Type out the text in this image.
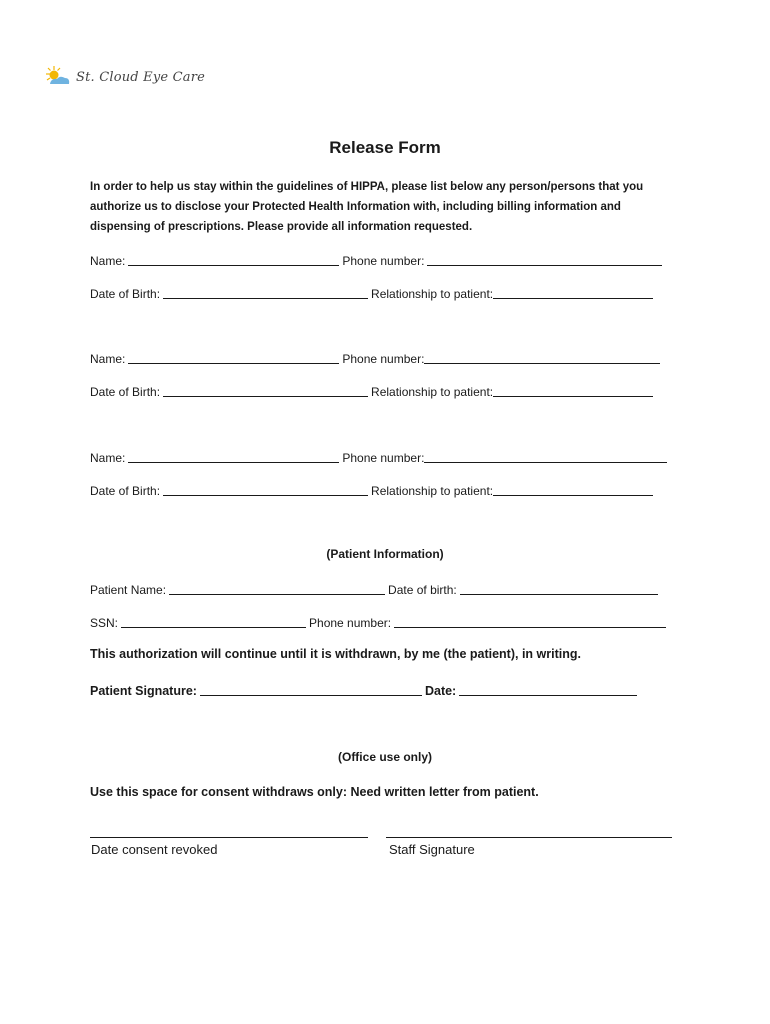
St. Cloud Eye Care
Release Form
In order to help us stay within the guidelines of HIPPA, please list below any person/persons that you
authorize us to disclose your Protected Health Information with, including billing information and
dispensing of prescriptions. Please provide all information requested.
Name:	Phone number:
Date of Birth:	Relationship to patient:
Name:	Phone number:
Date of Birth:	Relationship to patient:
Name:	Phone number:
Date of Birth:	Relationship to patient:
(Patient Information)
Patient Name:	Date of birth:
SSN:	Phone number:
This authorization will continue until it is withdrawn, by me (the patient), in writing.
Patient Signature:	Date:
(Office use only)
Use this space for consent withdraws only: Need written letter from patient.
Date consent revoked	Staff Signature
